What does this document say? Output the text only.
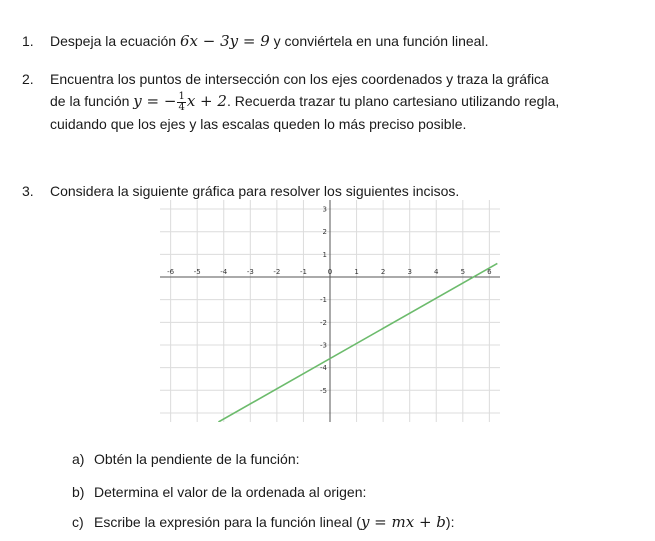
1. Despeja la ecuación 6x − 3y = 9 y conviértela en una función lineal.
2. Encuentra los puntos de intersección con los ejes coordenados y traza la gráfica
de la función y = − $\frac{1}{4}$ x + 2. Recuerda trazar tu plano cartesiano utilizando regla,
cuidando que los ejes y las escalas queden lo más preciso posible.
3. Considera la siguiente gráfica para resolver los siguientes incisos.
-6	-5	-4	-3	-2	-1	0	1	2	3	4	5	6
3
2
1
-1
-2
-3
-4
-5
a) Obtén la pendiente de la función:
b) Determina el valor de la ordenada al origen:
c) Escribe la expresión para la función lineal (y = mx + b):
